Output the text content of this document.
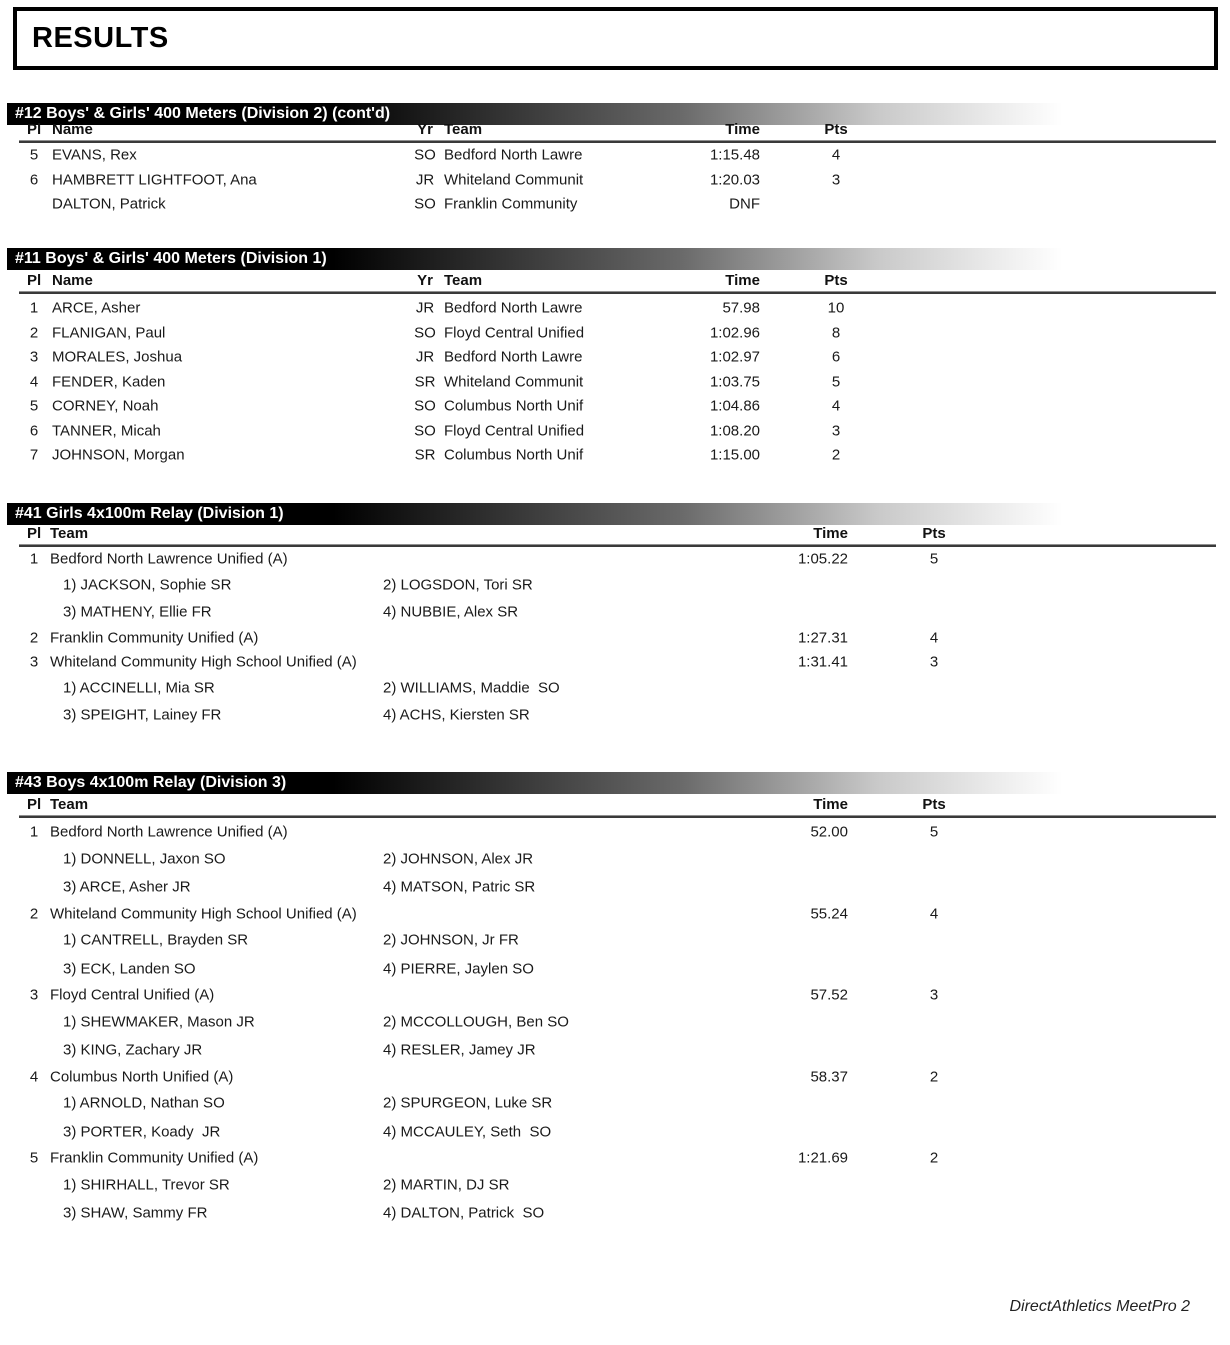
RESULTS
#12 Boys' & Girls' 400 Meters (Division 2) (cont'd)
Pl Name	Yr Team	Time	Pts
5 EVANS, Rex	SO Bedford North Lawre	1:15.48	4
6 HAMBRETT LIGHTFOOT, Ana	JR Whiteland Communit	1:20.03	3
DALTON, Patrick	SO Franklin Community	DNF
#11 Boys' & Girls' 400 Meters (Division 1)
Pl Name	Yr Team	Time	Pts
1 ARCE, Asher	JR Bedford North Lawre	57.98	10
2 FLANIGAN, Paul	SO Floyd Central Unified	1:02.96	8
3 MORALES, Joshua	JR Bedford North Lawre	1:02.97	6
4 FENDER, Kaden	SR Whiteland Communit	1:03.75	5
5 CORNEY, Noah	SO Columbus North Unif	1:04.86	4
6 TANNER, Micah	SO Floyd Central Unified	1:08.20	3
7 JOHNSON, Morgan	SR Columbus North Unif	1:15.00	2
#41 Girls 4x100m Relay (Division 1)
Pl Team	Time	Pts
1 Bedford North Lawrence Unified (A)	1:05.22	5
1) JACKSON, Sophie SR	2) LOGSDON, Tori SR
3) MATHENY, Ellie FR	4) NUBBIE, Alex SR
2 Franklin Community Unified (A)	1:27.31	4
3 Whiteland Community High School Unified (A)	1:31.41	3
1) ACCINELLI, Mia SR	2) WILLIAMS, Maddie  SO
3) SPEIGHT, Lainey FR	4) ACHS, Kiersten SR
#43 Boys 4x100m Relay (Division 3)
Pl Team	Time	Pts
1 Bedford North Lawrence Unified (A)	52.00	5
1) DONNELL, Jaxon SO	2) JOHNSON, Alex JR
3) ARCE, Asher JR	4) MATSON, Patric SR
2 Whiteland Community High School Unified (A)	55.24	4
1) CANTRELL, Brayden SR	2) JOHNSON, Jr FR
3) ECK, Landen SO	4) PIERRE, Jaylen SO
3 Floyd Central Unified (A)	57.52	3
1) SHEWMAKER, Mason JR	2) MCCOLLOUGH, Ben SO
3) KING, Zachary JR	4) RESLER, Jamey JR
4 Columbus North Unified (A)	58.37	2
1) ARNOLD, Nathan SO	2) SPURGEON, Luke SR
3) PORTER, Koady  JR	4) MCCAULEY, Seth  SO
5 Franklin Community Unified (A)	1:21.69	2
1) SHIRHALL, Trevor SR	2) MARTIN, DJ SR
3) SHAW, Sammy FR	4) DALTON, Patrick  SO
DirectAthletics MeetPro 2
